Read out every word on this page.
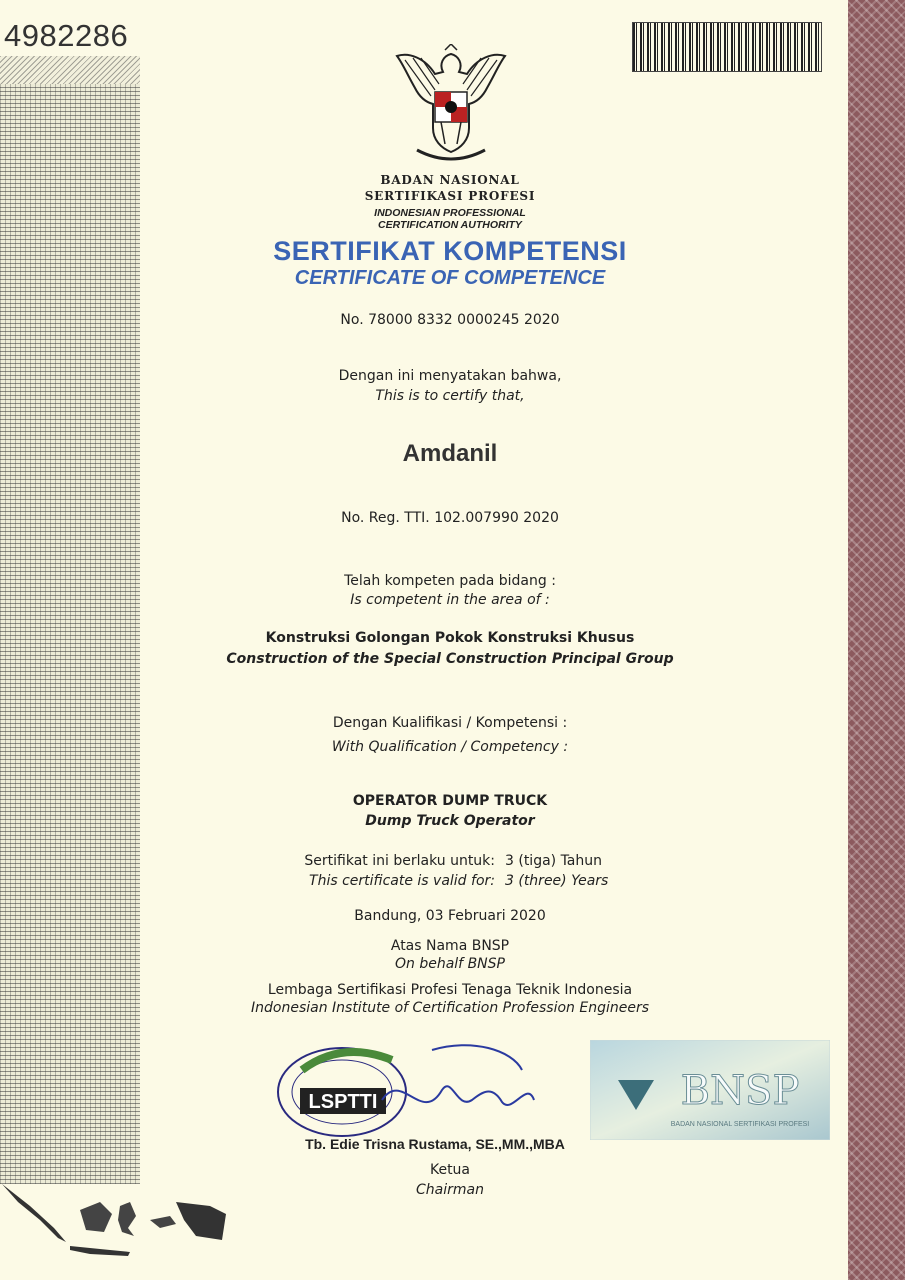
4982286
BADAN NASIONAL
SERTIFIKASI PROFESI
INDONESIAN PROFESSIONAL
CERTIFICATION AUTHORITY
SERTIFIKAT KOMPETENSI
CERTIFICATE OF COMPETENCE
No. 78000 8332 0000245 2020
Dengan ini menyatakan bahwa,
This is to certify that,
Amdanil
No. Reg. TTI. 102.007990 2020
Telah kompeten pada bidang :
Is competent in the area of :
Konstruksi Golongan Pokok Konstruksi Khusus
Construction of the Special Construction Principal Group
Dengan Kualifikasi / Kompetensi :
With Qualification / Competency :
OPERATOR DUMP TRUCK
Dump Truck Operator
Sertifikat ini berlaku untuk: 3 (tiga) Tahun
This certificate is valid for: 3 (three) Years
Bandung, 03 Februari 2020
Atas Nama BNSP
On behalf BNSP
Lembaga Sertifikasi Profesi Tenaga Teknik Indonesia
Indonesian Institute of Certification Profession Engineers
LSPTTI	BNSP
BADAN NASIONAL SERTIFIKASI PROFESI
Tb. Edie Trisna Rustama, SE.,MM.,MBA
Ketua
Chairman
